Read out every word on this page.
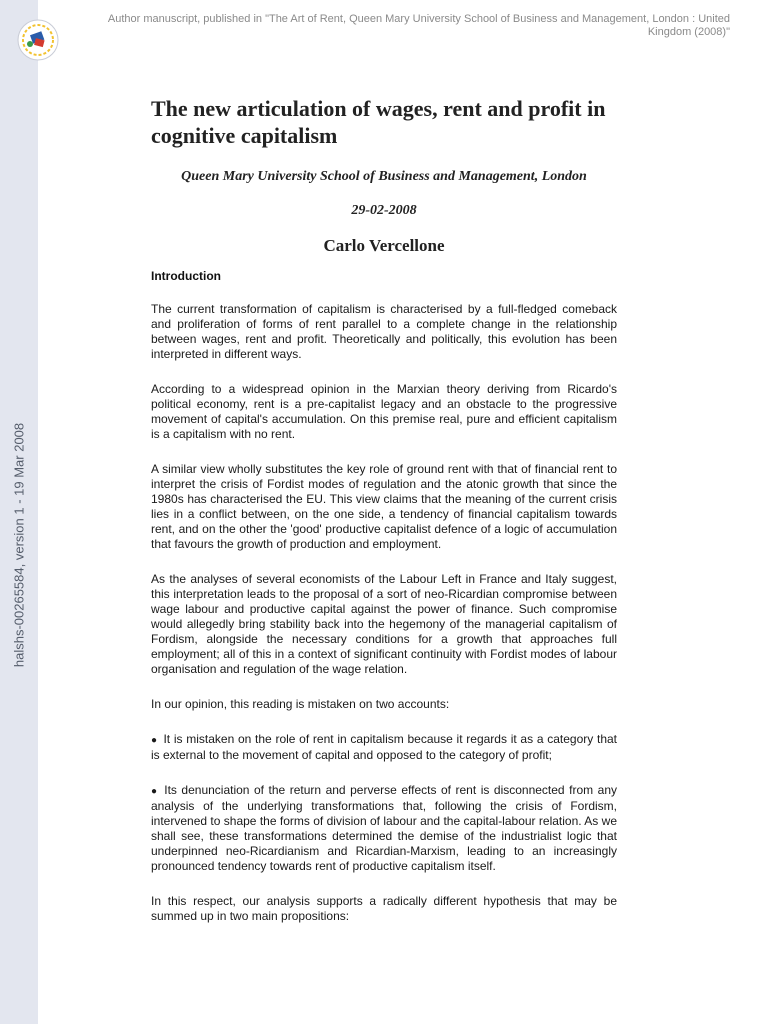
halshs-00265584, version 1 - 19 Mar 2008
Author manuscript, published in "The Art of Rent, Queen Mary University School of Business and Management, London : United Kingdom (2008)"
The new articulation of wages, rent and profit in cognitive capitalism
Queen Mary University School of Business and Management, London
29-02-2008
Carlo Vercellone
Introduction

The current transformation of capitalism is characterised by a full-fledged comeback and proliferation of forms of rent parallel to a complete change in the relationship between wages, rent and profit. Theoretically and politically, this evolution has been interpreted in different ways.

According to a widespread opinion in the Marxian theory deriving from Ricardo's political economy, rent is a pre-capitalist legacy and an obstacle to the progressive movement of capital's accumulation. On this premise real, pure and efficient capitalism is a capitalism with no rent.

A similar view wholly substitutes the key role of ground rent with that of financial rent to interpret the crisis of Fordist modes of regulation and the atonic growth that since the 1980s has characterised the EU. This view claims that the meaning of the current crisis lies in a conflict between, on the one side, a tendency of financial capitalism towards rent, and on the other the 'good' productive capitalist defence of a logic of accumulation that favours the growth of production and employment.

As the analyses of several economists of the Labour Left in France and Italy suggest, this interpretation leads to the proposal of a sort of neo-Ricardian compromise between wage labour and productive capital against the power of finance. Such compromise would allegedly bring stability back into the hegemony of the managerial capitalism of Fordism, alongside the necessary conditions for a growth that approaches full employment; all of this in a context of significant continuity with Fordist modes of labour organisation and regulation of the wage relation.

In our opinion, this reading is mistaken on two accounts:

● It is mistaken on the role of rent in capitalism because it regards it as a category that is external to the movement of capital and opposed to the category of profit;

● Its denunciation of the return and perverse effects of rent is disconnected from any analysis of the underlying transformations that, following the crisis of Fordism, intervened to shape the forms of division of labour and the capital-labour relation. As we shall see, these transformations determined the demise of the industrialist logic that underpinned neo-Ricardianism and Ricardian-Marxism, leading to an increasingly pronounced tendency towards rent of productive capitalism itself.

In this respect, our analysis supports a radically different hypothesis that may be summed up in two main propositions:
